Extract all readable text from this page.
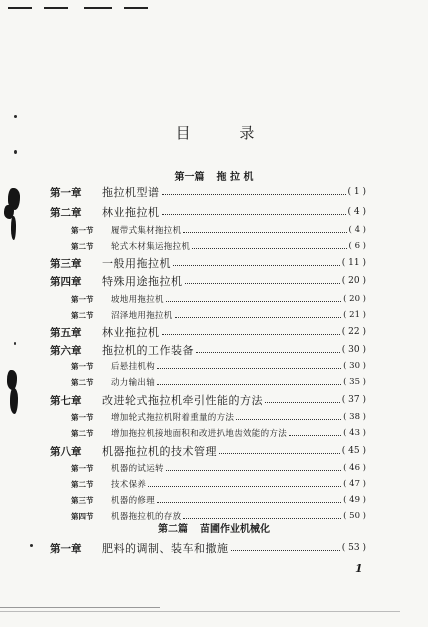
目 录
第一篇 拖 拉 机
第一章	拖拉机型谱	( 1 )
第二章	林业拖拉机	( 4 )
第一节	履带式集材拖拉机	( 4 )
第二节	轮式木材集运拖拉机	( 6 )
第三章	一般用拖拉机	( 11 )
第四章	特殊用途拖拉机	( 20 )
第一节	坡地用拖拉机	( 20 )
第二节	沼泽地用拖拉机	( 21 )
第五章	林业拖拉机	( 22 )
第六章	拖拉机的工作装备	( 30 )
第一节	后悬挂机构	( 30 )
第二节	动力输出轴	( 35 )
第七章	改进轮式拖拉机牵引性能的方法	( 37 )
第一节	增加轮式拖拉机附着重量的方法	( 38 )
第二节	增加拖拉机接地面积和改进扒地齿效能的方法	( 43 )
第八章	机器拖拉机的技术管理	( 45 )
第一节	机器的试运转	( 46 )
第二节	技术保养	( 47 )
第三节	机器的修理	( 49 )
第四节	机器拖拉机的存放	( 50 )
第二篇 苗圃作业机械化
第一章	肥料的调制、装车和撒施	( 53 )
1
